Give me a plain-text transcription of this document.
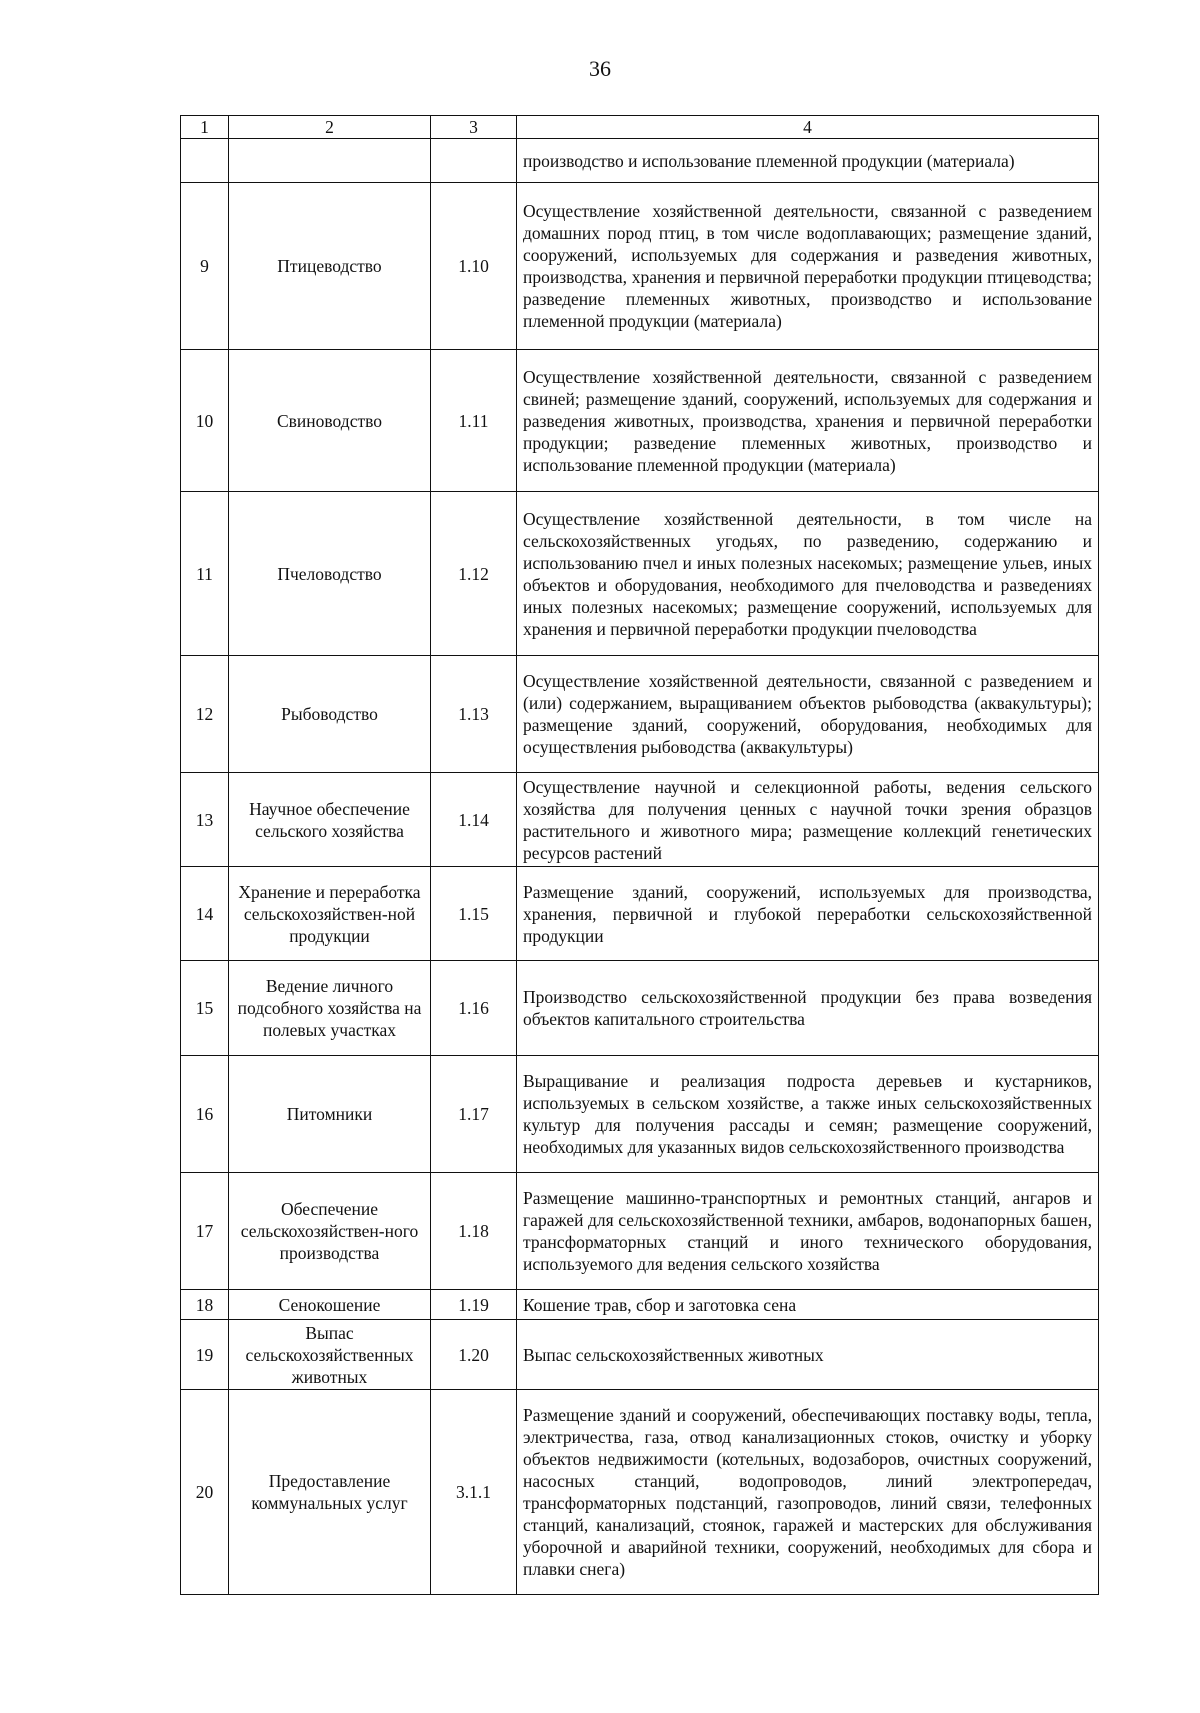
36
1	2	3	4
			производство и использование племенной продукции (материала)
9	Птицеводство	1.10	Осуществление хозяйственной деятельности, связанной с разведением домашних пород птиц, в том числе водоплавающих; размещение зданий, сооружений, используемых для содержания и разведения животных, производства, хранения и первичной переработки продукции птицеводства; разведение племенных животных, производство и использование племенной продукции (материала)
10	Свиноводство	1.11	Осуществление хозяйственной деятельности, связанной с разведением свиней; размещение зданий, сооружений, используемых для содержания и разведения животных, производства, хранения и первичной переработки продукции; разведение племенных животных, производство и использование племенной продукции (материала)
11	Пчеловодство	1.12	Осуществление хозяйственной деятельности, в том числе на сельскохозяйственных угодьях, по разведению, содержанию и использованию пчел и иных полезных насекомых; размещение ульев, иных объектов и оборудования, необходимого для пчеловодства и разведениях иных полезных насекомых; размещение сооружений, используемых для хранения и первичной переработки продукции пчеловодства
12	Рыбоводство	1.13	Осуществление хозяйственной деятельности, связанной с разведением и (или) содержанием, выращиванием объектов рыбоводства (аквакультуры); размещение зданий, сооружений, оборудования, необходимых для осуществления рыбоводства (аквакультуры)
13	Научное обеспечение сельского хозяйства	1.14	Осуществление научной и селекционной работы, ведения сельского хозяйства для получения ценных с научной точки зрения образцов растительного и животного мира; размещение коллекций генетических ресурсов растений
14	Хранение и переработка сельскохозяйствен-ной продукции	1.15	Размещение зданий, сооружений, используемых для производства, хранения, первичной и глубокой переработки сельскохозяйственной продукции
15	Ведение личного подсобного хозяйства на полевых участках	1.16	Производство сельскохозяйственной продукции без права возведения объектов капитального строительства
16	Питомники	1.17	Выращивание и реализация подроста деревьев и кустарников, используемых в сельском хозяйстве, а также иных сельскохозяйственных культур для получения рассады и семян; размещение сооружений, необходимых для указанных видов сельскохозяйственного производства
17	Обеспечение сельскохозяйствен-ного производства	1.18	Размещение машинно-транспортных и ремонтных станций, ангаров и гаражей для сельскохозяйственной техники, амбаров, водонапорных башен, трансформаторных станций и иного технического оборудования, используемого для ведения сельского хозяйства
18	Сенокошение	1.19	Кошение трав, сбор и заготовка сена
19	Выпас сельскохозяйственных животных	1.20	Выпас сельскохозяйственных животных
20	Предоставление коммунальных услуг	3.1.1	Размещение зданий и сооружений, обеспечивающих поставку воды, тепла, электричества, газа, отвод канализационных стоков, очистку и уборку объектов недвижимости (котельных, водозаборов, очистных сооружений, насосных станций, водопроводов, линий электропередач, трансформаторных подстанций, газопроводов, линий связи, телефонных станций, канализаций, стоянок, гаражей и мастерских для обслуживания уборочной и аварийной техники, сооружений, необходимых для сбора и плавки снега)
